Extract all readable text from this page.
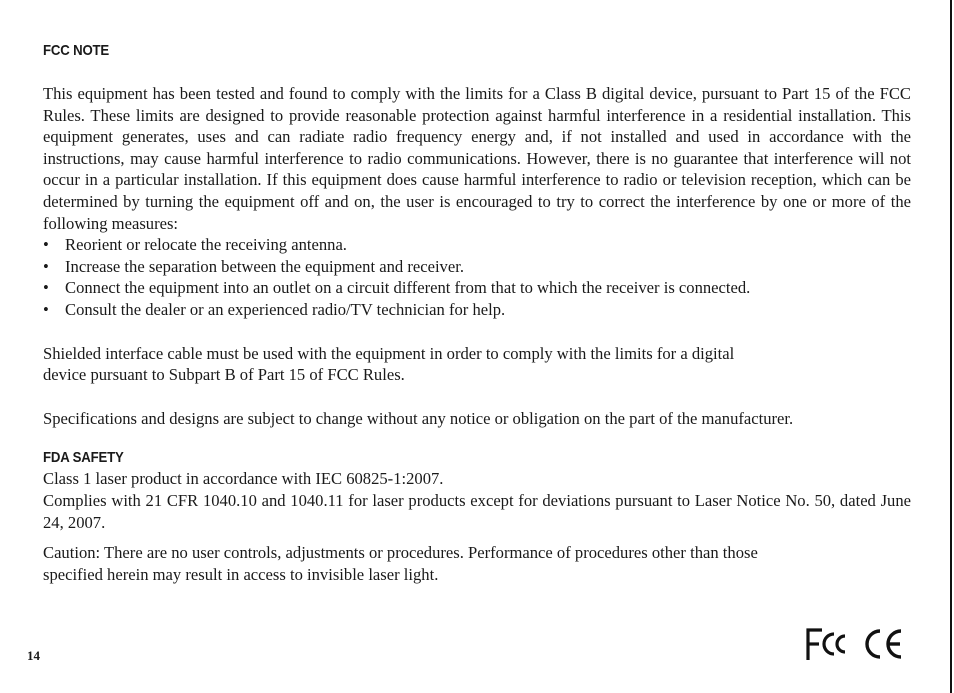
FCC NOTE

This equipment has been tested and found to comply with the limits for a Class B digital device, pursuant to Part 15 of the FCC Rules. These limits are designed to provide reasonable protection against harmful interference in a residential installation. This equipment generates, uses and can radiate radio frequency energy and, if not installed and used in accordance with the instructions, may cause harmful interference to radio communications. However, there is no guarantee that interference will not occur in a particular installation. If this equipment does cause harmful interference to radio or television reception, which can be determined by turning the equipment off and on, the user is encouraged to try to correct the interference by one or more of the following measures:

• Reorient or relocate the receiving antenna.
• Increase the separation between the equipment and receiver.
• Connect the equipment into an outlet on a circuit different from that to which the receiver is connected.
• Consult the dealer or an experienced radio/TV technician for help.

Shielded interface cable must be used with the equipment in order to comply with the limits for a digital
device pursuant to Subpart B of Part 15 of FCC Rules.

Specifications and designs are subject to change without any notice or obligation on the part of the manufacturer.

FDA SAFETY

Class 1 laser product in accordance with IEC 60825-1:2007.

Complies with 21 CFR 1040.10 and 1040.11 for laser products except for deviations pursuant to Laser Notice No. 50, dated June 24, 2007.

Caution: There are no user controls, adjustments or procedures. Performance of procedures other than those
specified herein may result in access to invisible laser light.

14
